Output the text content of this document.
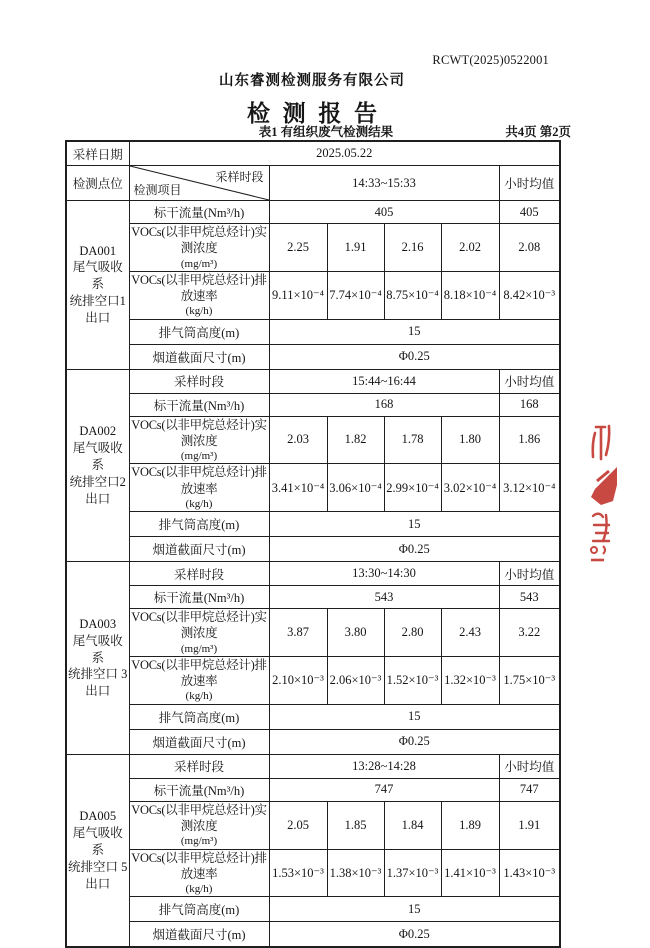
RCWT(2025)0522001
山东睿测检测服务有限公司
检测报告
表1 有组织废气检测结果	共4页 第2页
采样日期	2025.05.22					
检测点位	采样时段
检测项目	14:33~15:33				小时均值

DA001
尾气吸收系
统排空口1
出口	标干流量(Nm³/h)	405				405

	VOCs(以非甲烷总烃计)实测浓度
(mg/m³)	2.25	1.91	2.16	2.02	2.08

	VOCs(以非甲烷总烃计)排放速率
(kg/h)	9.11×10⁻⁴	7.74×10⁻⁴	8.75×10⁻⁴	8.18×10⁻⁴	8.42×10⁻³
	排气筒高度(m)	15				
	烟道截面尺寸(m)	Φ0.25				

DA002
尾气吸收系
统排空口2
出口	采样时段	15:44~16:44				小时均值
	标干流量(Nm³/h)	168				168

	VOCs(以非甲烷总烃计)实测浓度
(mg/m³)	2.03	1.82	1.78	1.80	1.86

	VOCs(以非甲烷总烃计)排放速率
(kg/h)	3.41×10⁻⁴	3.06×10⁻⁴	2.99×10⁻⁴	3.02×10⁻⁴	3.12×10⁻⁴
	排气筒高度(m)	15				
	烟道截面尺寸(m)	Φ0.25				

DA003
尾气吸收系
统排空口 3
出口	采样时段	13:30~14:30				小时均值
	标干流量(Nm³/h)	543				543

	VOCs(以非甲烷总烃计)实测浓度
(mg/m³)	3.87	3.80	2.80	2.43	3.22

	VOCs(以非甲烷总烃计)排放速率
(kg/h)	2.10×10⁻³	2.06×10⁻³	1.52×10⁻³	1.32×10⁻³	1.75×10⁻³
	排气筒高度(m)	15				
	烟道截面尺寸(m)	Φ0.25				

DA005
尾气吸收系
统排空口 5
出口	采样时段	13:28~14:28				小时均值
	标干流量(Nm³/h)	747				747

	VOCs(以非甲烷总烃计)实测浓度
(mg/m³)	2.05	1.85	1.84	1.89	1.91

	VOCs(以非甲烷总烃计)排放速率
(kg/h)	1.53×10⁻³	1.38×10⁻³	1.37×10⁻³	1.41×10⁻³	1.43×10⁻³
	排气筒高度(m)	15				
	烟道截面尺寸(m)	Φ0.25				
